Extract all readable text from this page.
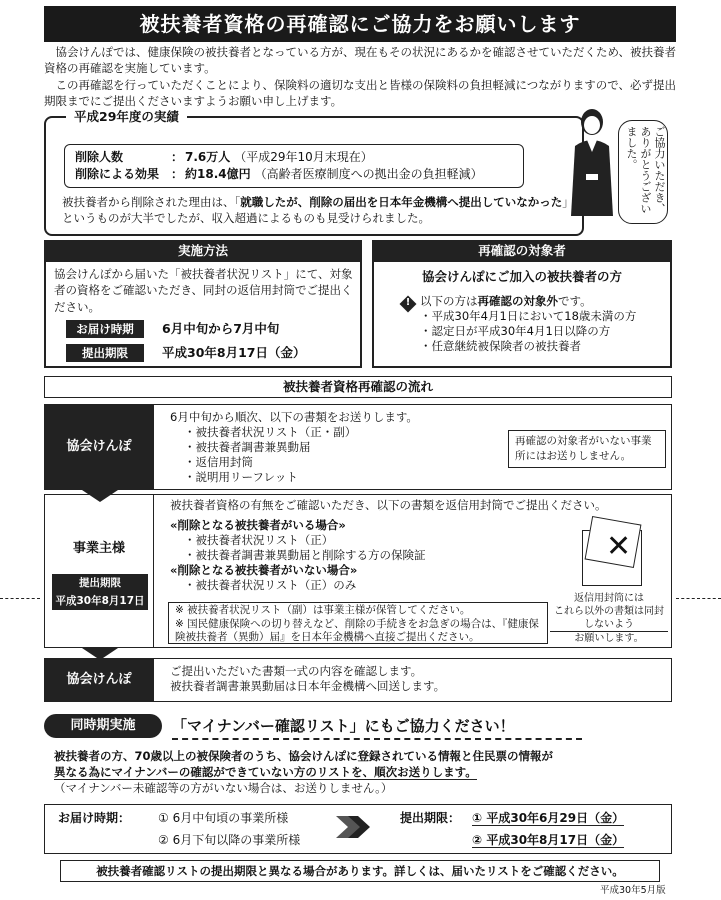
被扶養者資格の再確認にご協力をお願いします

協会けんぽでは、健康保険の被扶養者となっている方が、現在もその状況にあるかを確認させていただくため、被扶養者資格の再確認を実施しています。

この再確認を行っていただくことにより、保険料の適切な支出と皆様の保険料の負担軽減につながりますので、必ず提出期限までにご提出くださいますようお願い申し上げます。

平成29年度の実績
削除人数	： 7.6万人 （平成29年10月末現在）
削除による効果 ： 約18.4億円 （高齢者医療制度への拠出金の負担軽減）
被扶養者から削除された理由は、「就職したが、削除の届出を日本年金機構へ提出していなかった」というものが大半でしたが、収入超過によるものも見受けられました。
ご協力いただき、ありがとうございました。
実施方法
協会けんぽから届いた「被扶養者状況リスト」にて、対象者の資格をご確認いただき、同封の返信用封筒でご提出ください。
お届け時期	6月中旬から7月中旬
提出期限	平成30年8月17日（金）
再確認の対象者
協会けんぽにご加入の被扶養者の方
! 以下の方は再確認の対象外です。
・平成30年4月1日において18歳未満の方
・認定日が平成30年4月1日以降の方
・任意継続被保険者の被扶養者
被扶養者資格再確認の流れ
協会けんぽ
6月中旬から順次、以下の書類をお送りします。
・被扶養者状況リスト（正・副）
・被扶養者調書兼異動届
・返信用封筒
・説明用リーフレット
再確認の対象者がいない事業所にはお送りしません。
事業主様
提出期限
平成30年8月17日
被扶養者資格の有無をご確認いただき、以下の書類を返信用封筒でご提出ください。
«削除となる被扶養者がいる場合»
・被扶養者状況リスト（正）
・被扶養者調書兼異動届と削除する方の保険証
«削除となる被扶養者がいない場合»
・被扶養者状況リスト（正）のみ
✕
返信用封筒には
これら以外の書類は同封しないよう
お願いします。
※ 被扶養者状況リスト（副）は事業主様が保管してください。
※ 国民健康保険への切り替えなど、削除の手続きをお急ぎの場合は、『健康保険被扶養者（異動）届』を日本年金機構へ直接ご提出ください。
協会けんぽ
ご提出いただいた書類一式の内容を確認します。
被扶養者調書兼異動届は日本年金機構へ回送します。
同時期実施	「マイナンバー確認リスト」にもご協力ください！
被扶養者の方、70歳以上の被保険者のうち、協会けんぽに登録されている情報と住民票の情報が
異なる為にマイナンバーの確認ができていない方のリストを、順次お送りします。
（マイナンバー未確認等の方がいない場合は、お送りしません。）
お届け時期： ① 6月中旬頃の事業所様
② 6月下旬以降の事業所様
提出期限： ① 平成30年6月29日（金）
② 平成30年8月17日（金）
被扶養者確認リストの提出期限と異なる場合があります。詳しくは、届いたリストをご確認ください。
平成30年5月版
